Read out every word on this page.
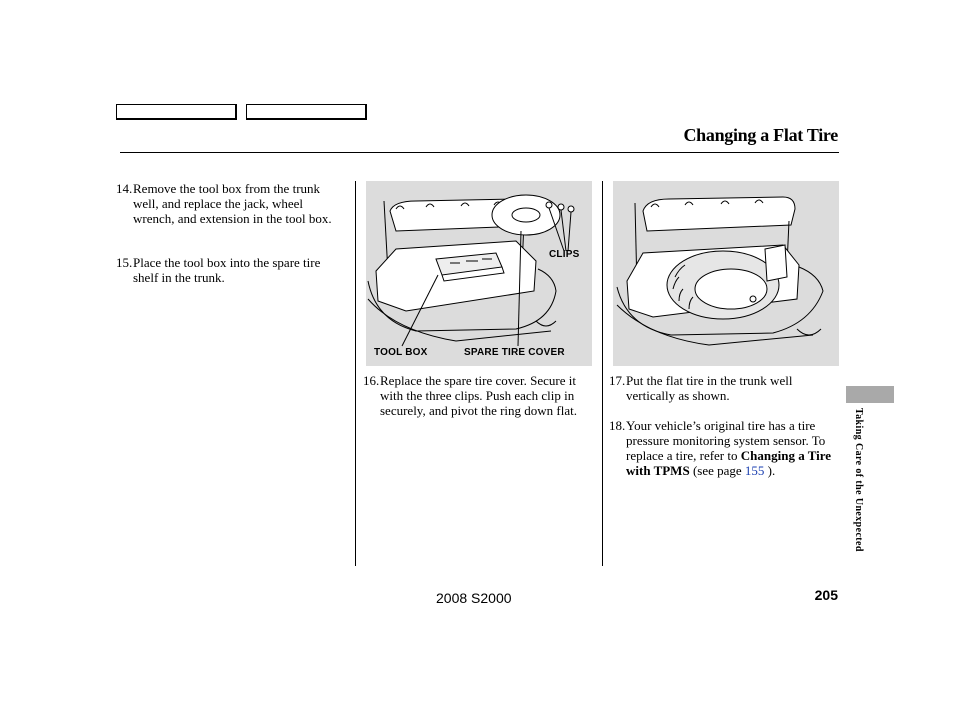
Changing a Flat Tire
14. Remove the tool box from the trunk well, and replace the jack, wheel wrench, and extension in the tool box.
15. Place the tool box into the spare tire shelf in the trunk.
CLIPS
TOOL BOX	SPARE TIRE COVER
16. Replace the spare tire cover. Secure it with the three clips. Push each clip in securely, and pivot the ring down flat.
17. Put the flat tire in the trunk well vertically as shown.
18. Your vehicle’s original tire has a tire pressure monitoring system sensor. To replace a tire, refer to Changing a Tire with TPMS (see page 155 ).	Taking Care of the Unexpected
2008 S2000	205
